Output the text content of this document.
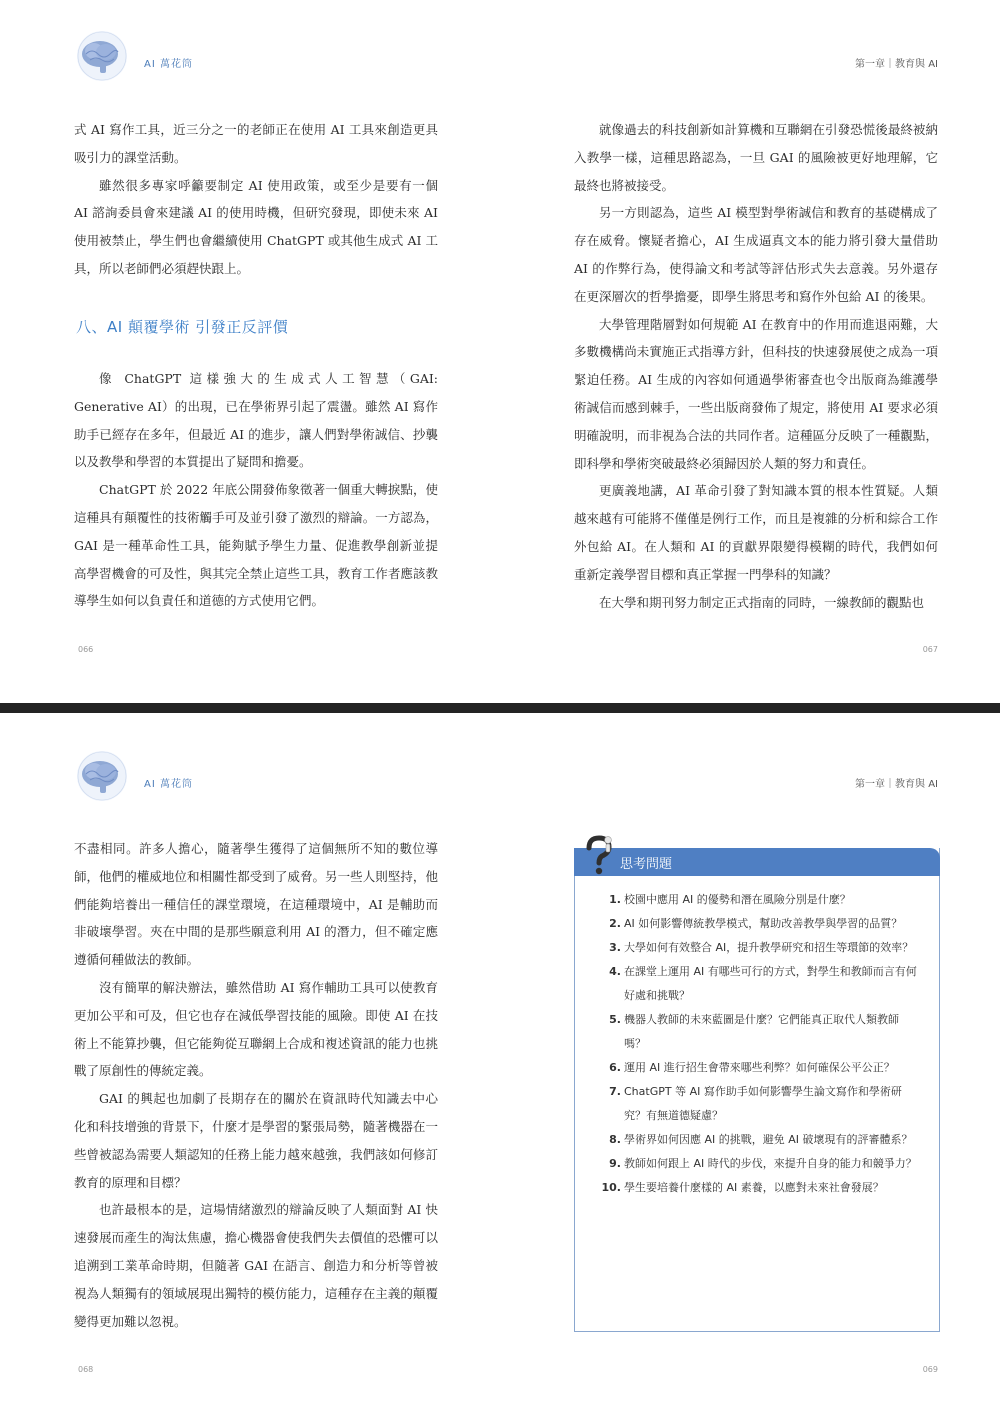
AI 萬花筒	第一章｜教育與 AI

式 AI 寫作工具，近三分之一的老師正在使用 AI 工具來創造更具吸引力的課堂活動。

雖然很多專家呼籲要制定 AI 使用政策，或至少是要有一個 AI 諮詢委員會來建議 AI 的使用時機，但研究發現，即使未來 AI 使用被禁止，學生們也會繼續使用 ChatGPT 或其他生成式 AI 工具，所以老師們必須趕快跟上。

八、AI 顛覆學術 引發正反評價

像 ChatGPT 這樣強大的生成式人工智慧（GAI: Generative AI）的出現，已在學術界引起了震盪。雖然 AI 寫作助手已經存在多年，但最近 AI 的進步，讓人們對學術誠信、抄襲以及教學和學習的本質提出了疑問和擔憂。

ChatGPT 於 2022 年底公開發佈象徵著一個重大轉捩點，使這種具有顛覆性的技術觸手可及並引發了激烈的辯論。一方認為，GAI 是一種革命性工具，能夠賦予學生力量、促進教學創新並提高學習機會的可及性，與其完全禁止這些工具，教育工作者應該教導學生如何以負責任和道德的方式使用它們。

066

就像過去的科技創新如計算機和互聯網在引發恐慌後最終被納入教學一樣，這種思路認為，一旦 GAI 的風險被更好地理解，它最終也將被接受。

另一方則認為，這些 AI 模型對學術誠信和教育的基礎構成了存在威脅。懷疑者擔心，AI 生成逼真文本的能力將引發大量借助 AI 的作弊行為，使得論文和考試等評估形式失去意義。另外還存在更深層次的哲學擔憂，即學生將思考和寫作外包給 AI 的後果。

大學管理階層對如何規範 AI 在教育中的作用而進退兩難，大多數機構尚未實施正式指導方針，但科技的快速發展使之成為一項緊迫任務。AI 生成的內容如何通過學術審查也令出版商為維護學術誠信而感到棘手，一些出版商發佈了規定，將使用 AI 要求必須明確說明，而非視為合法的共同作者。這種區分反映了一種觀點，即科學和學術突破最終必須歸因於人類的努力和責任。

更廣義地講，AI 革命引發了對知識本質的根本性質疑。人類越來越有可能將不僅僅是例行工作，而且是複雜的分析和綜合工作外包給 AI。在人類和 AI 的貢獻界限變得模糊的時代，我們如何重新定義學習目標和真正掌握一門學科的知識？

在大學和期刊努力制定正式指南的同時，一線教師的觀點也

067
AI 萬花筒	第一章｜教育與 AI

不盡相同。許多人擔心，隨著學生獲得了這個無所不知的數位導師，他們的權威地位和相關性都受到了威脅。另一些人則堅持，他們能夠培養出一種信任的課堂環境，在這種環境中，AI 是輔助而非破壞學習。夾在中間的是那些願意利用 AI 的潛力，但不確定應遵循何種做法的教師。

沒有簡單的解決辦法，雖然借助 AI 寫作輔助工具可以使教育更加公平和可及，但它也存在減低學習技能的風險。即使 AI 在技術上不能算抄襲，但它能夠從互聯網上合成和複述資訊的能力也挑戰了原創性的傳統定義。

GAI 的興起也加劇了長期存在的關於在資訊時代知識去中心化和科技增強的背景下，什麼才是學習的緊張局勢，隨著機器在一些曾被認為需要人類認知的任務上能力越來越強，我們該如何修訂教育的原理和目標？

也許最根本的是，這場情緒激烈的辯論反映了人類面對 AI 快速發展而產生的淘汰焦慮，擔心機器會使我們失去價值的恐懼可以追溯到工業革命時期，但隨著 GAI 在語言、創造力和分析等曾被視為人類獨有的領域展現出獨特的模仿能力，這種存在主義的顛覆變得更加難以忽視。

068	069
思考問題
1. 校園中應用 AI 的優勢和潛在風險分別是什麼？
2. AI 如何影響傳統教學模式，幫助改善教學與學習的品質？
3. 大學如何有效整合 AI，提升教學研究和招生等環節的效率？
4. 在課堂上運用 AI 有哪些可行的方式，對學生和教師而言有何好處和挑戰？
5. 機器人教師的未來藍圖是什麼？它們能真正取代人類教師嗎？
6. 運用 AI 進行招生會帶來哪些利弊？如何確保公平公正？
7. ChatGPT 等 AI 寫作助手如何影響學生論文寫作和學術研究？有無道德疑慮？
8. 學術界如何因應 AI 的挑戰，避免 AI 破壞現有的評審體系？
9. 教師如何跟上 AI 時代的步伐，來提升自身的能力和競爭力？
10. 學生要培養什麼樣的 AI 素養，以應對未來社會發展？
